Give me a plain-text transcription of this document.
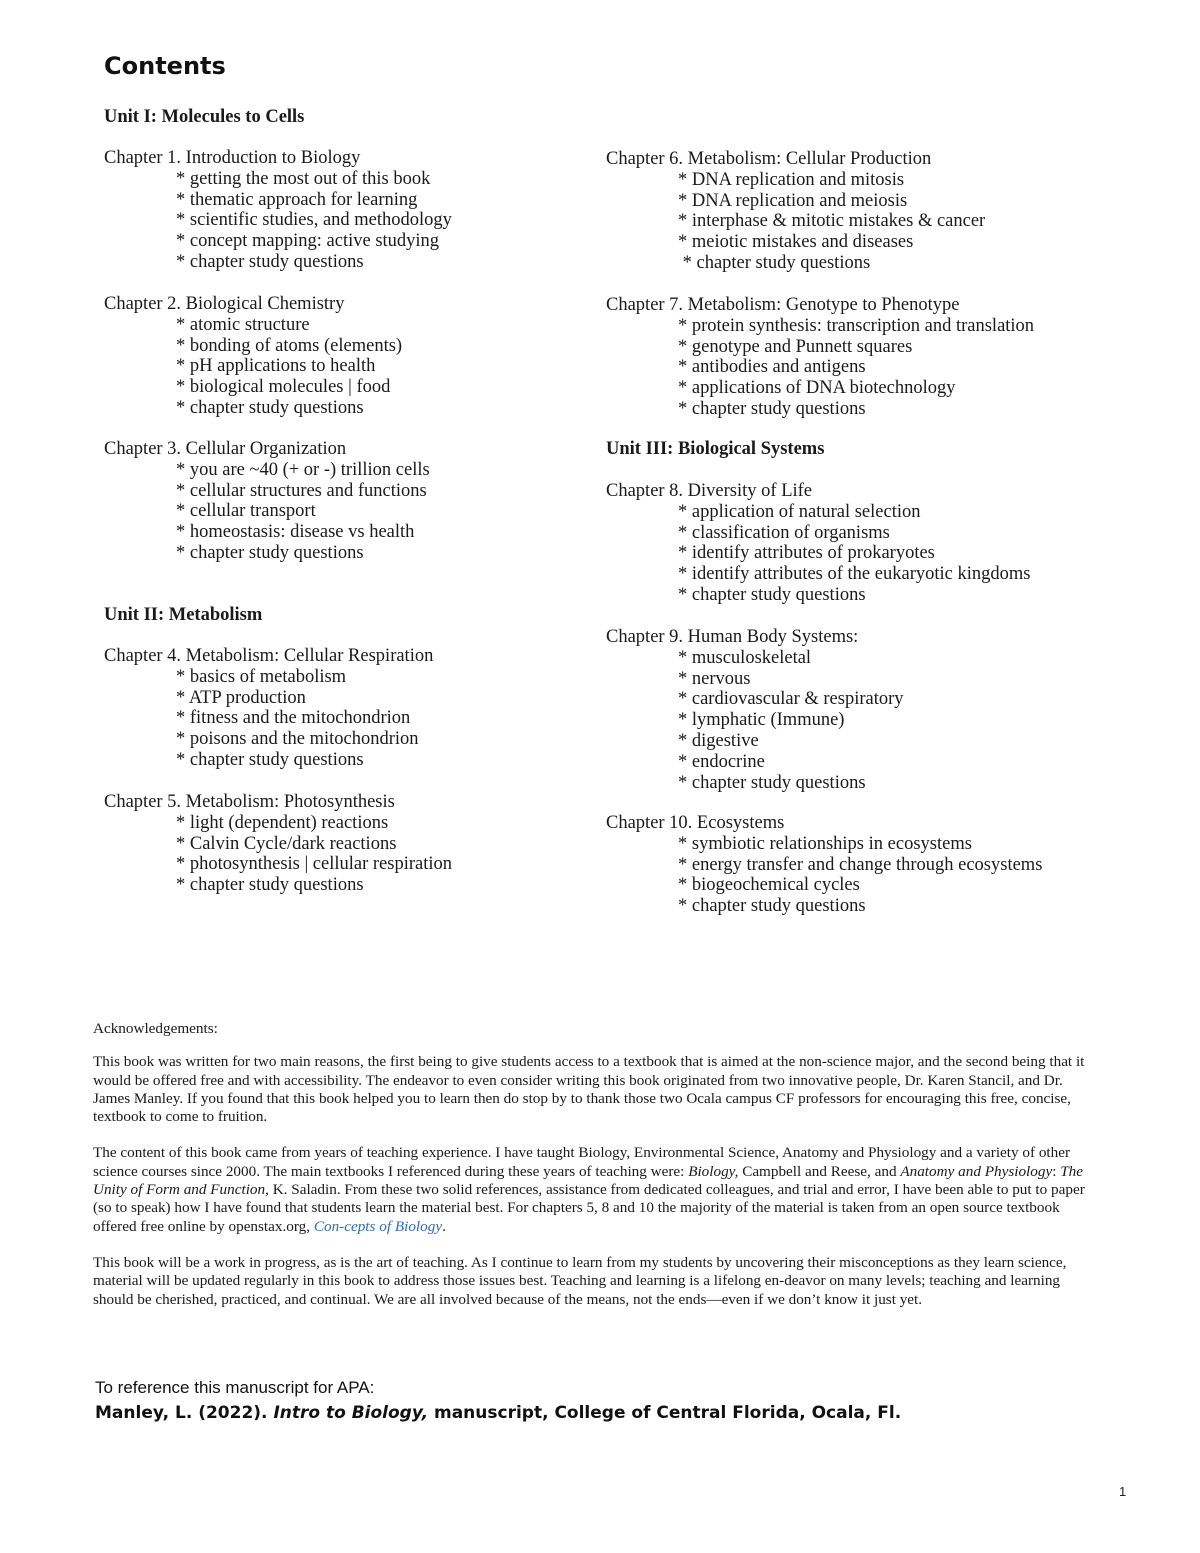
Contents
Unit I: Molecules to Cells
Chapter 1. Introduction to Biology
* getting the most out of this book
* thematic approach for learning
* scientific studies, and methodology
* concept mapping: active studying
* chapter study questions
Chapter 2. Biological Chemistry
* atomic structure
* bonding of atoms (elements)
* pH applications to health
* biological molecules | food
* chapter study questions
Chapter 3. Cellular Organization
* you are ~40 (+ or -) trillion cells
* cellular structures and functions
* cellular transport
* homeostasis: disease vs health
* chapter study questions
Unit II: Metabolism
Chapter 4. Metabolism: Cellular Respiration
* basics of metabolism
* ATP production
* fitness and the mitochondrion
* poisons and the mitochondrion
* chapter study questions
Chapter 5. Metabolism: Photosynthesis
* light (dependent) reactions
* Calvin Cycle/dark reactions
* photosynthesis | cellular respiration
* chapter study questions
Chapter 6. Metabolism: Cellular Production
* DNA replication and mitosis
* DNA replication and meiosis
* interphase & mitotic mistakes & cancer
* meiotic mistakes and diseases
* chapter study questions
Chapter 7. Metabolism: Genotype to Phenotype
* protein synthesis: transcription and translation
* genotype and Punnett squares
* antibodies and antigens
* applications of DNA biotechnology
* chapter study questions
Unit III: Biological Systems
Chapter 8. Diversity of Life
* application of natural selection
* classification of organisms
* identify attributes of prokaryotes
* identify attributes of the eukaryotic kingdoms
* chapter study questions
Chapter 9. Human Body Systems:
* musculoskeletal
* nervous
* cardiovascular & respiratory
* lymphatic (Immune)
* digestive
* endocrine
* chapter study questions
Chapter 10. Ecosystems
* symbiotic relationships in ecosystems
* energy transfer and change through ecosystems
* biogeochemical cycles
* chapter study questions

Acknowledgements:

This book was written for two main reasons, the first being to give students access to a textbook that is aimed at the non-science major, and the second being that it would be offered free and with accessibility. The endeavor to even consider writing this book originated from two innovative people, Dr. Karen Stancil, and Dr. James Manley. If you found that this book helped you to learn then do stop by to thank those two Ocala campus CF professors for encouraging this free, concise, textbook to come to fruition.

The content of this book came from years of teaching experience. I have taught Biology, Environmental Science, Anatomy and Physiology and a variety of other science courses since 2000. The main textbooks I referenced during these years of teaching were: Biology, Campbell and Reese, and Anatomy and Physiology: The Unity of Form and Function, K. Saladin. From these two solid references, assistance from dedicated colleagues, and trial and error, I have been able to put to paper (so to speak) how I have found that students learn the material best. For chapters 5, 8 and 10 the majority of the material is taken from an open source textbook offered free online by openstax.org, Con-cepts of Biology.

This book will be a work in progress, as is the art of teaching. As I continue to learn from my students by uncovering their misconceptions as they learn science, material will be updated regularly in this book to address those issues best. Teaching and learning is a lifelong en-deavor on many levels; teaching and learning should be cherished, practiced, and continual. We are all involved because of the means, not the ends—even if we don’t know it just yet.

To reference this manuscript for APA:
Manley, L. (2022). Intro to Biology, manuscript, College of Central Florida, Ocala, Fl.
1
